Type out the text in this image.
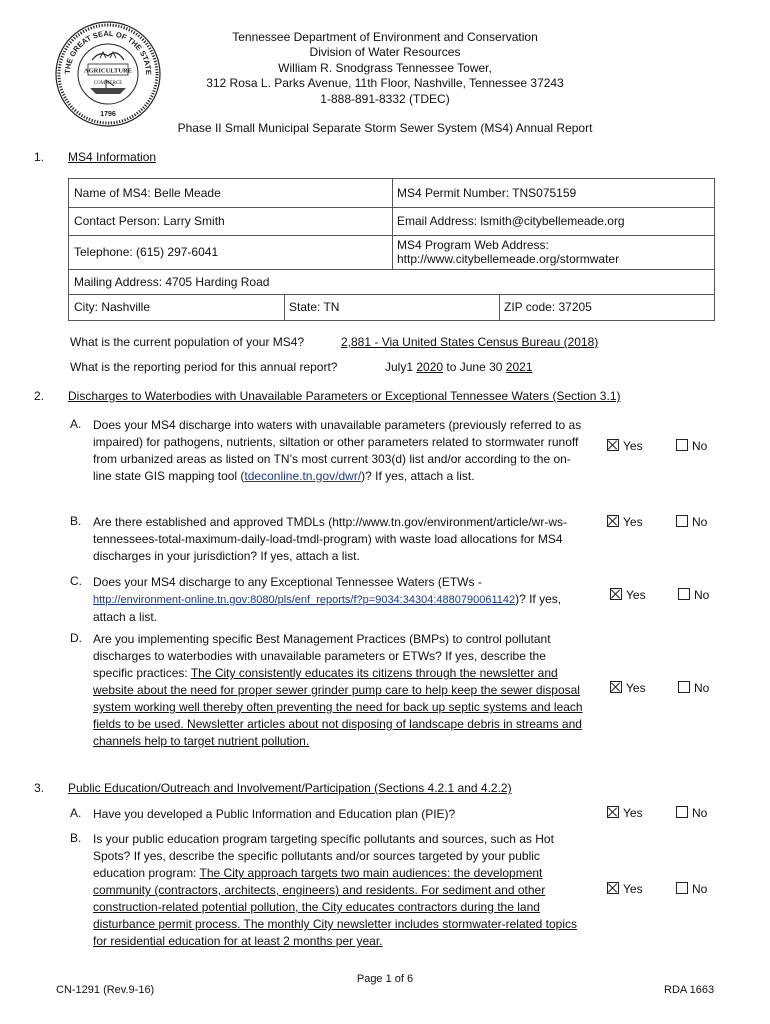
THE GREAT SEAL OF THE STATE
AGRICULTURE
COMMERCE
1796
Tennessee Department of Environment and Conservation
Division of Water Resources
William R. Snodgrass Tennessee Tower,
312 Rosa L. Parks Avenue, 11th Floor, Nashville, Tennessee 37243
1-888-891-8332 (TDEC)
Phase II Small Municipal Separate Storm Sewer System (MS4) Annual Report
1. MS4 Information
Name of MS4: Belle Meade	MS4 Permit Number: TNS075159
Contact Person: Larry Smith	Email Address: lsmith@citybellemeade.org
Telephone: (615) 297-6041	MS4 Program Web Address:
http://www.citybellemeade.org/stormwater
Mailing Address: 4705 Harding Road
City: Nashville	State: TN	ZIP code: 37205
What is the current population of your MS4?	2,881 - Via United States Census Bureau (2018)
What is the reporting period for this annual report?	July1 2020 to June 30 2021
2. Discharges to Waterbodies with Unavailable Parameters or Exceptional Tennessee Waters (Section 3.1)
A. Does your MS4 discharge into waters with unavailable parameters (previously referred to as impaired) for pathogens, nutrients, siltation or other parameters related to stormwater runoff from urbanized areas as listed on TN’s most current 303(d) list and/or according to the on-line state GIS mapping tool (tdeconline.tn.gov/dwr/)? If yes, attach a list.
Yes	No
B. Are there established and approved TMDLs (http://www.tn.gov/environment/article/wr-ws-tennessees-total-maximum-daily-load-tmdl-program) with waste load allocations for MS4 discharges in your jurisdiction? If yes, attach a list.
Yes	No
C. Does your MS4 discharge to any Exceptional Tennessee Waters (ETWs -
http://environment-online.tn.gov:8080/pls/enf_reports/f?p=9034:34304:4880790061142)? If yes, attach a list.
Yes	No
D. Are you implementing specific Best Management Practices (BMPs) to control pollutant discharges to waterbodies with unavailable parameters or ETWs? If yes, describe the specific practices: The City consistently educates its citizens through the newsletter and website about the need for proper sewer grinder pump care to help keep the sewer disposal system working well thereby often preventing the need for back up septic systems and leach fields to be used. Newsletter articles about not disposing of landscape debris in streams and channels help to target nutrient pollution.
Yes	No
3. Public Education/Outreach and Involvement/Participation (Sections 4.2.1 and 4.2.2)
A. Have you developed a Public Information and Education plan (PIE)?	Yes	No
B. Is your public education program targeting specific pollutants and sources, such as Hot Spots? If yes, describe the specific pollutants and/or sources targeted by your public education program: The City approach targets two main audiences: the development community (contractors, architects, engineers) and residents. For sediment and other construction-related potential pollution, the City educates contractors during the land disturbance permit process. The monthly City newsletter includes stormwater-related topics for residential education for at least 2 months per year.
Yes	No
CN-1291 (Rev.9-16)
Page 1 of 6
RDA 1663
